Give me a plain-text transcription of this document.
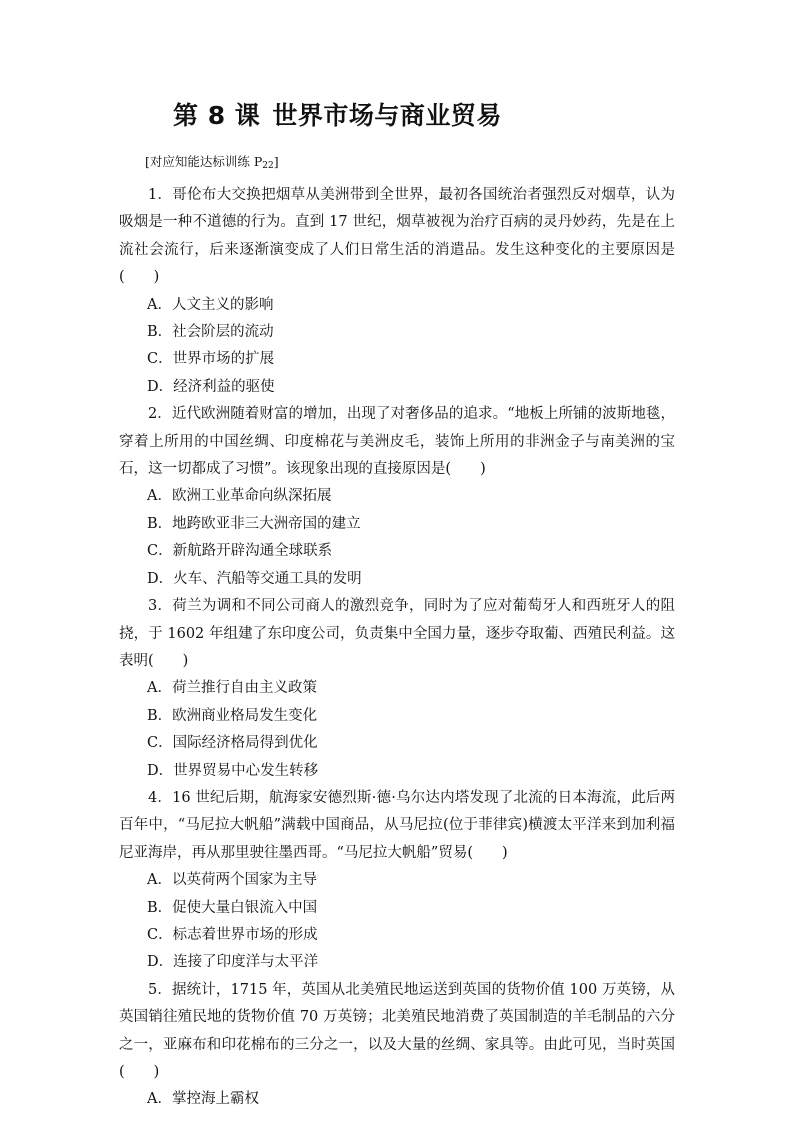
第 8 课 世界市场与商业贸易
[对应知能达标训练 $P_{22}$]

1．哥伦布大交换把烟草从美洲带到全世界，最初各国统治者强烈反对烟草，认为吸烟是一种不道德的行为。直到 17 世纪，烟草被视为治疗百病的灵丹妙药，先是在上流社会流行，后来逐渐演变成了人们日常生活的消遣品。发生这种变化的主要原因是(　　)

A．人文主义的影响

B．社会阶层的流动

C．世界市场的扩展

D．经济利益的驱使

2．近代欧洲随着财富的增加，出现了对奢侈品的追求。“地板上所铺的波斯地毯，穿着上所用的中国丝绸、印度棉花与美洲皮毛，装饰上所用的非洲金子与南美洲的宝石，这一切都成了习惯”。该现象出现的直接原因是(　　)

A．欧洲工业革命向纵深拓展

B．地跨欧亚非三大洲帝国的建立

C．新航路开辟沟通全球联系

D．火车、汽船等交通工具的发明

3．荷兰为调和不同公司商人的激烈竞争，同时为了应对葡萄牙人和西班牙人的阻挠，于 1602 年组建了东印度公司，负责集中全国力量，逐步夺取葡、西殖民利益。这表明(　　)

A．荷兰推行自由主义政策

B．欧洲商业格局发生变化

C．国际经济格局得到优化

D．世界贸易中心发生转移

4．16 世纪后期，航海家安德烈斯·德·乌尔达内塔发现了北流的日本海流，此后两百年中，“马尼拉大帆船”满载中国商品，从马尼拉(位于菲律宾)横渡太平洋来到加利福尼亚海岸，再从那里驶往墨西哥。“马尼拉大帆船”贸易(　　)

A．以英荷两个国家为主导

B．促使大量白银流入中国

C．标志着世界市场的形成

D．连接了印度洋与太平洋

5．据统计，1715 年，英国从北美殖民地运送到英国的货物价值 100 万英镑，从英国销往殖民地的货物价值 70 万英镑；北美殖民地消费了英国制造的羊毛制品的六分之一，亚麻布和印花棉布的三分之一，以及大量的丝绸、家具等。由此可见，当时英国(　　)

A．掌控海上霸权
